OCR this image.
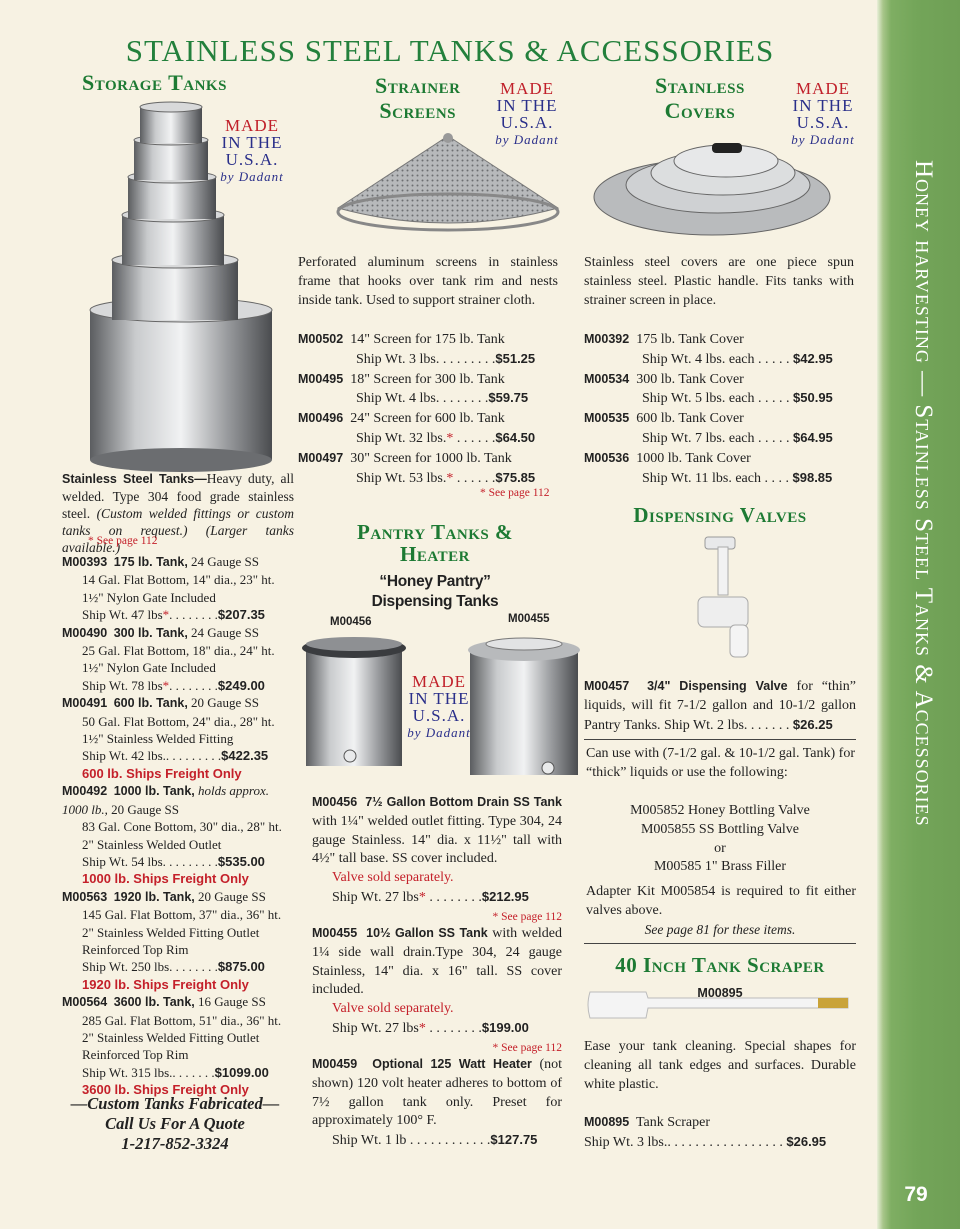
Honey harvesting — Stainless Steel Tanks & Accessories
79
STAINLESS STEEL TANKS & ACCESSORIES
Storage Tanks
MADE
IN THE
U.S.A.
by Dadant
Stainless Steel Tanks—Heavy duty, all welded. Type 304 food grade stainless steel. (Custom welded fittings or custom tanks on request.) (Larger tanks available.)
* See page 112
M00393 175 lb. Tank, 24 Gauge SS
14 Gal. Flat Bottom, 14" dia., 23" ht.
1½" Nylon Gate Included
Ship Wt. 47 lbs*. . . . . . . .$207.35
M00490 300 lb. Tank, 24 Gauge SS
25 Gal. Flat Bottom, 18" dia., 24" ht.
1½" Nylon Gate Included
Ship Wt. 78 lbs*. . . . . . . .$249.00
M00491 600 lb. Tank, 20 Gauge SS
50 Gal. Flat Bottom, 24" dia., 28" ht.
1½" Stainless Welded Fitting
Ship Wt. 42 lbs.. . . . . . . . .$422.35
600 lb. Ships Freight Only
M00492 1000 lb. Tank, holds approx. 1000 lb., 20 Gauge SS
83 Gal. Cone Bottom, 30" dia., 28" ht.
2" Stainless Welded Outlet
Ship Wt. 54 lbs. . . . . . . . .$535.00
1000 lb. Ships Freight Only
M00563 1920 lb. Tank, 20 Gauge SS
145 Gal. Flat Bottom, 37" dia., 36" ht.
2" Stainless Welded Fitting Outlet
Reinforced Top Rim
Ship Wt. 250 lbs. . . . . . . .$875.00
1920 lb. Ships Freight Only
M00564 3600 lb. Tank, 16 Gauge SS
285 Gal. Flat Bottom, 51" dia., 36" ht.
2" Stainless Welded Fitting Outlet
Reinforced Top Rim
Ship Wt. 315 lbs.. . . . . . .$1099.00
3600 lb. Ships Freight Only
—Custom Tanks Fabricated—
Call Us For A Quote
1-217-852-3324
Strainer
Screens
MADE
IN THE
U.S.A.
by Dadant
Perforated aluminum screens in stainless frame that hooks over tank rim and nests inside tank. Used to support strainer cloth.
M00502 14" Screen for 175 lb. Tank
Ship Wt. 3 lbs. . . . . . . . .$51.25
M00495 18" Screen for 300 lb. Tank
Ship Wt. 4 lbs. . . . . . . .$59.75
M00496 24" Screen for 600 lb. Tank
Ship Wt. 32 lbs.* . . . . . .$64.50
M00497 30" Screen for 1000 lb. Tank
Ship Wt. 53 lbs.* . . . . . .$75.85
* See page 112
Pantry Tanks &
Heater
“Honey Pantry”
Dispensing Tanks
M00456	M00455
MADE
IN THE
U.S.A.
by Dadant
M00456 7½ Gallon Bottom Drain SS Tank with 1¼" welded outlet fitting. Type 304, 24 gauge Stainless. 14" dia. x 11½" tall with 4½" tall base. SS cover included.
Valve sold separately.
Ship Wt. 27 lbs* . . . . . . . .$212.95
* See page 112
M00455 10½ Gallon SS Tank with welded 1¼ side wall drain.Type 304, 24 gauge Stainless, 14" dia. x 16" tall. SS cover included.
Valve sold separately.
Ship Wt. 27 lbs* . . . . . . . .$199.00
* See page 112
M00459 Optional 125 Watt Heater (not shown) 120 volt heater adheres to bottom of 7½ gallon tank only. Preset for approximately 100° F.
Ship Wt. 1 lb . . . . . . . . . . . .$127.75
Stainless
Covers
MADE
IN THE
U.S.A.
by Dadant
Stainless steel covers are one piece spun stainless steel. Plastic handle. Fits tanks with strainer screen in place.
M00392 175 lb. Tank Cover
Ship Wt. 4 lbs. each . . . . . $42.95
M00534 300 lb. Tank Cover
Ship Wt. 5 lbs. each . . . . . $50.95
M00535 600 lb. Tank Cover
Ship Wt. 7 lbs. each . . . . . $64.95
M00536 1000 lb. Tank Cover
Ship Wt. 11 lbs. each . . . . $98.85
Dispensing Valves
M00457 3/4" Dispensing Valve for “thin” liquids, will fit 7-1/2 gallon and 10-1/2 gallon Pantry Tanks. Ship Wt. 2 lbs. . . . . . . $26.25
Can use with (7-1/2 gal. & 10-1/2 gal. Tank) for “thick” liquids or use the following:
M005852 Honey Bottling Valve
M005855 SS Bottling Valve
or
M00585 1" Brass Filler
Adapter Kit M005854 is required to fit either valves above.
See page 81 for these items.
40 Inch Tank Scraper
M00895
Ease your tank cleaning. Special shapes for cleaning all tank edges and surfaces. Durable white plastic.
M00895 Tank Scraper
Ship Wt. 3 lbs.. . . . . . . . . . . . . . . . . $26.95
